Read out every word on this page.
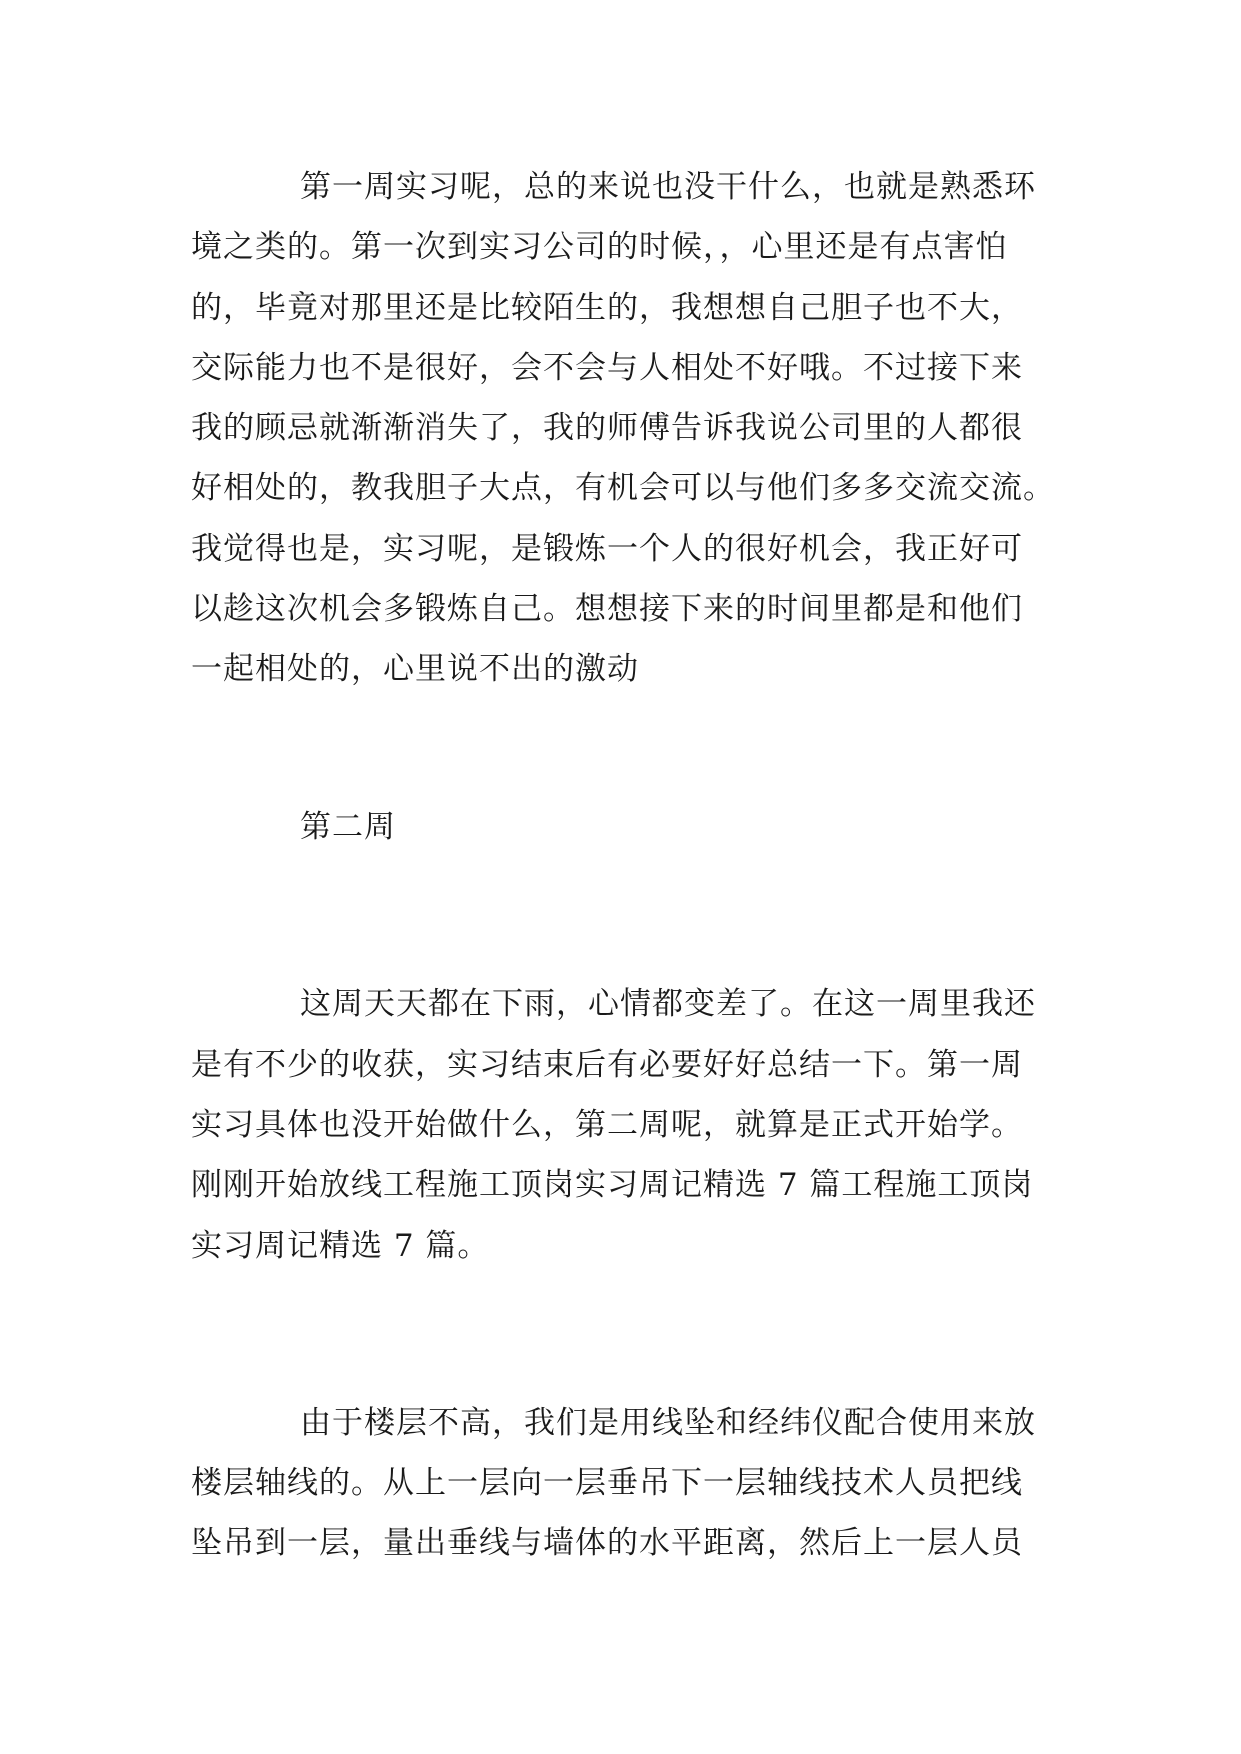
第一周实习呢，总的来说也没干什么，也就是熟悉环
境之类的。第一次到实习公司的时候，，心里还是有点害怕
的，毕竟对那里还是比较陌生的，我想想自己胆子也不大，
交际能力也不是很好，会不会与人相处不好哦。不过接下来
我的顾忌就渐渐消失了，我的师傅告诉我说公司里的人都很
好相处的，教我胆子大点，有机会可以与他们多多交流交流。
我觉得也是，实习呢，是锻炼一个人的很好机会，我正好可
以趁这次机会多锻炼自己。想想接下来的时间里都是和他们
一起相处的，心里说不出的激动
第二周
这周天天都在下雨，心情都变差了。在这一周里我还
是有不少的收获，实习结束后有必要好好总结一下。第一周
实习具体也没开始做什么，第二周呢，就算是正式开始学。
刚刚开始放线工程施工顶岗实习周记精选 7 篇工程施工顶岗
实习周记精选 7 篇。
由于楼层不高，我们是用线坠和经纬仪配合使用来放
楼层轴线的。从上一层向一层垂吊下一层轴线技术人员把线
坠吊到一层，量出垂线与墙体的水平距离，然后上一层人员
